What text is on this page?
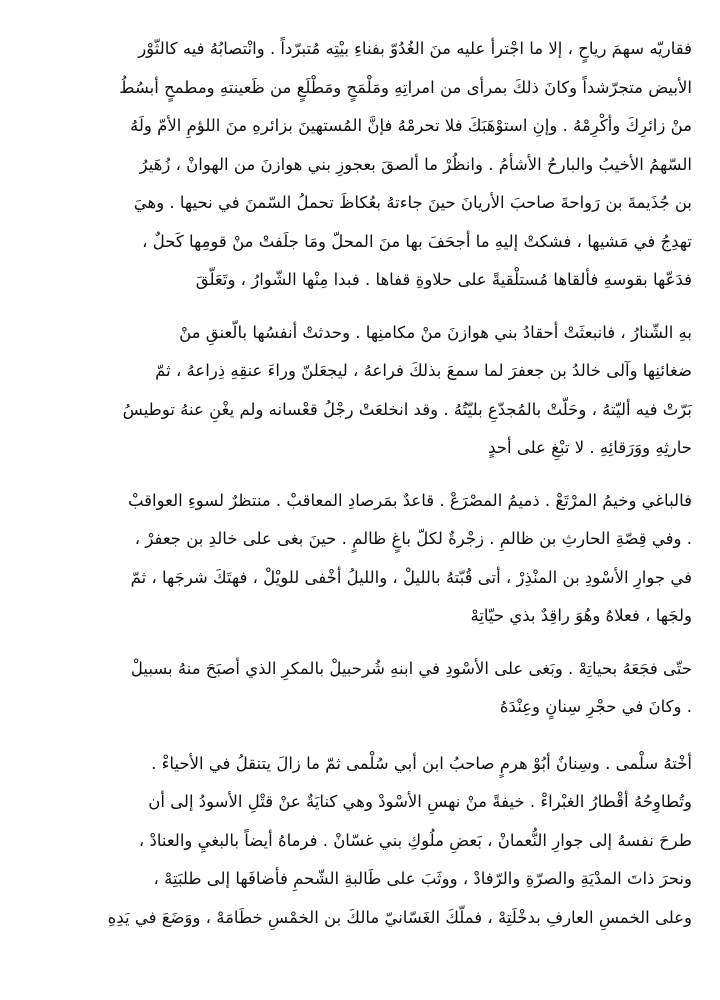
فقاريّه سهمَ رياحٍ ، إلا ما اجْترأ عليه منَ الغُدُوّ بفناءِ بيْتِه مُتبرّداً . وانْتصابُهُ فيه كالثّوْر
الأبيض متجرّشداً وكانَ ذلكَ بمرأى من امراتِهِ ومَلْمَحٍ ومَطْلَعٍ من ظَعينتهِ ومطمحٍ أبسُطُ
منْ زائرِكَ وأكْرِمْهُ . وإنِ استوْهَبَكَ فلا تحرمْهُ فإنَّ المُستهينَ بزائرهِ منَ اللؤمِ الأمّ ولَهُ
السّهمُ الأخيبُ والبارحُ الأشأمُ . وانظُرْ ما ألصقَ بعجوزِ بني هوازنَ من الهوانْ ، زُهَيرُ
بن جُذَيمةَ بن رَواحةَ صاحبَ الأريانَ حينَ جاءتهُ بعُكاظَ تحملُ السّمنَ في نحيها . وهيَ
تهدِجُ في مَشيها ، فشكتْ إليهِ ما أجحَفَ بها منَ المحلّ ومَا جلَفتْ منْ قومِها كَحلٌ ،
فدَعّها بقوسهِ فألقاها مُستلْقيةً على حلاوةِ قفاها . فبدا مِنْها الشّوارُ ، وتَعَلّقَ
بهِ الشّنارُ ، فانبعثَتْ أحقادُ بني هوازنَ منْ مكامنِها . وحدثتْ أنفسُها بالّعنقِ منْ
ضغائنِها وآلى خالدُ بن جعفرَ لما سمعَ بذلكَ فراعهُ ، ليجعَلنّ وراءَ عنقِهِ ذِراعهُ ، ثمّ
بَرّتْ فيه أليّتهُ ، وحَلّتْ بالمُجدّعِ بليّتُهُ . وقد انخلعَتْ رجْلُ قعْسانه ولم يغْنِ عنهُ توطيسُ
حارثِهِ ووَرَقائِهِ . لا تبْغِ على أحدٍ
فالباغي وخيمُ المرْتَعْ . ذميمُ المصْرَعْ . قاعدٌ بمَرصادِ المعاقبْ . منتظرٌ لسوءِ العواقبْ
. وفي قِصّةِ الحارثِ بن ظالمِ . زجْرةٌ لكلّ باغٍ ظالمٍ . حينَ بغى على خالدِ بن جعفرْ ،
في جوارِ الأسْودِ بن المنْذِرْ ، أتى قُبّتهُ بالليلْ ، والليلُ أخْفى للويْلْ ، فهتَكَ شرجَها ، ثمّ
ولجَها ، فعلاهُ وهُوَ راقِدٌ بذي حيّاتِهْ
حتّى فجَعَهُ بحياتِهْ . وبَغى على الأسْودِ في ابنهِ شُرحبيلْ بالمكرِ الذي أصبَحَ منهُ بسبيلْ
. وكانَ في حجْرِ سِنانٍ وعِنْدَهُ
أخْتهُ سلْمى . وسِنانٌ أبُوْ هرمٍ صاحبُ ابن أبي سُلْمى ثمّ ما زالَ يتنقلُ في الأحياءْ .
وتُطاوِحُهُ أقْطارُ الغبْراءْ . خيفةً منْ نهسِ الأسْودْ وهي كنايَةٌ عنْ قتْلِ الأسودُ إلى أن
طرحَ نفسهُ إلى جوارِ النُّعمانْ ، بَعضِ ملُوكِ بني غسّانْ . فرماهُ أيضاً بالبغيِ والعنادْ ،
ونحرَ ذاتَ المدْيَةِ والصرّةِ والرّفادْ ، ووثَبَ على طَالبةِ الشّحمِ فأضافَها إلى طلبَتِهْ ،
وعلى الخمسِ العارفِ بدخْلَتِهْ ، فملّكَ الغَسّانيّ مالكَ بن الخمْسِ خطَامَهْ ، ووَضَعَ في يَدِهِ
